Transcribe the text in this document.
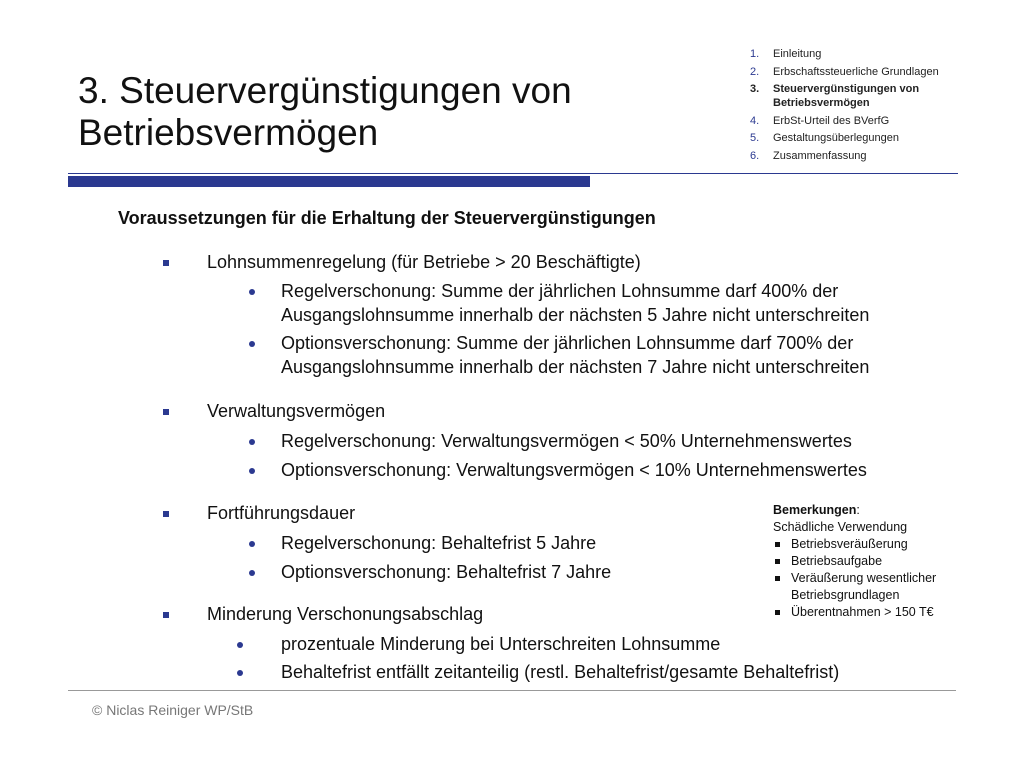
3. Steuervergünstigungen von
Betriebsvermögen
1.	Einleitung
2.	Erbschaftssteuerliche Grundlagen
3.	Steuervergünstigungen von Betriebsvermögen
4.	ErbSt-Urteil des BVerfG
5.	Gestaltungsüberlegungen
6.	Zusammenfassung
Voraussetzungen für die Erhaltung der Steuervergünstigungen
Lohnsummenregelung (für Betriebe > 20 Beschäftigte)
Regelverschonung: Summe der jährlichen Lohnsumme darf 400% der
Ausgangslohnsumme innerhalb der nächsten 5 Jahre nicht unterschreiten
Optionsverschonung: Summe der jährlichen Lohnsumme darf 700% der
Ausgangslohnsumme innerhalb der nächsten 7 Jahre nicht unterschreiten
Verwaltungsvermögen
Regelverschonung: Verwaltungsvermögen < 50% Unternehmenswertes
Optionsverschonung: Verwaltungsvermögen < 10% Unternehmenswertes
Fortführungsdauer
Regelverschonung: Behaltefrist 5 Jahre
Optionsverschonung: Behaltefrist 7 Jahre
Minderung Verschonungsabschlag
prozentuale Minderung bei Unterschreiten Lohnsumme
Behaltefrist entfällt zeitanteilig (restl. Behaltefrist/gesamte Behaltefrist)
Bemerkungen:
Schädliche Verwendung
Betriebsveräußerung
Betriebsaufgabe
Veräußerung wesentlicher Betriebsgrundlagen
Überentnahmen > 150 T€
© Niclas Reiniger WP/StB
